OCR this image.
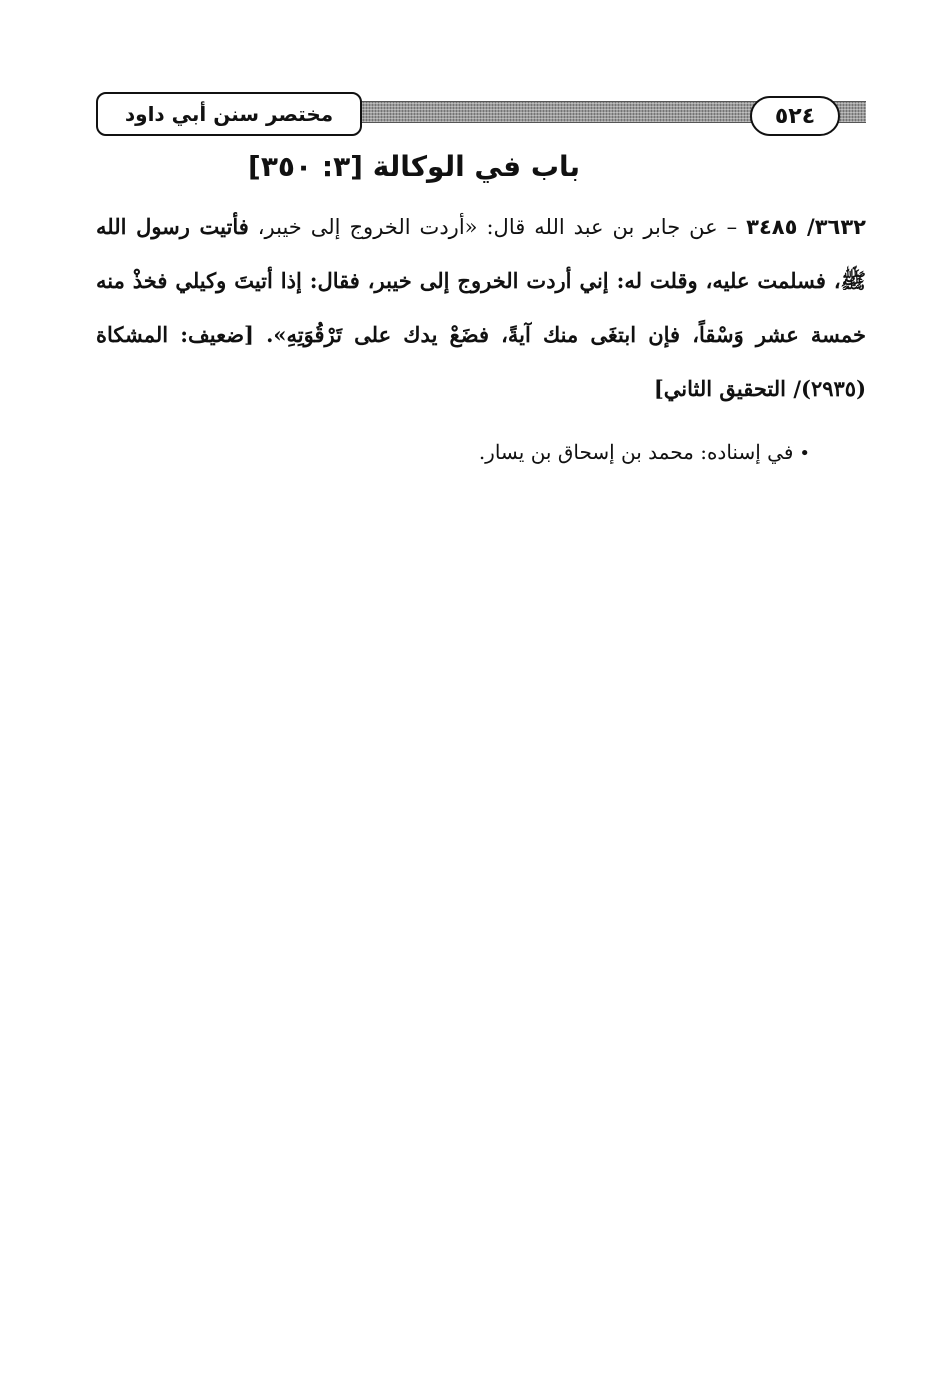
٥٢٤
مختصر سنن أبي داود
باب في الوكالة [٣: ٣٥٠]
٣٦٣٢/ ٣٤٨٥ – عن جابر بن عبد الله قال: «أردت الخروج إلى خيبر، فأتيت رسول الله ﷺ، فسلمت عليه، وقلت له: إني أردت الخروج إلى خيبر، فقال: إذا أتيتَ وكيلي فخذْ منه خمسة عشر وَسْقاً، فإن ابتغَى منك آيةً، فضَعْ يدك على تَرْقُوَتِهِ». [ضعيف: المشكاة (٢٩٣٥)/ التحقيق الثاني]
•في إسناده: محمد بن إسحاق بن يسار.
